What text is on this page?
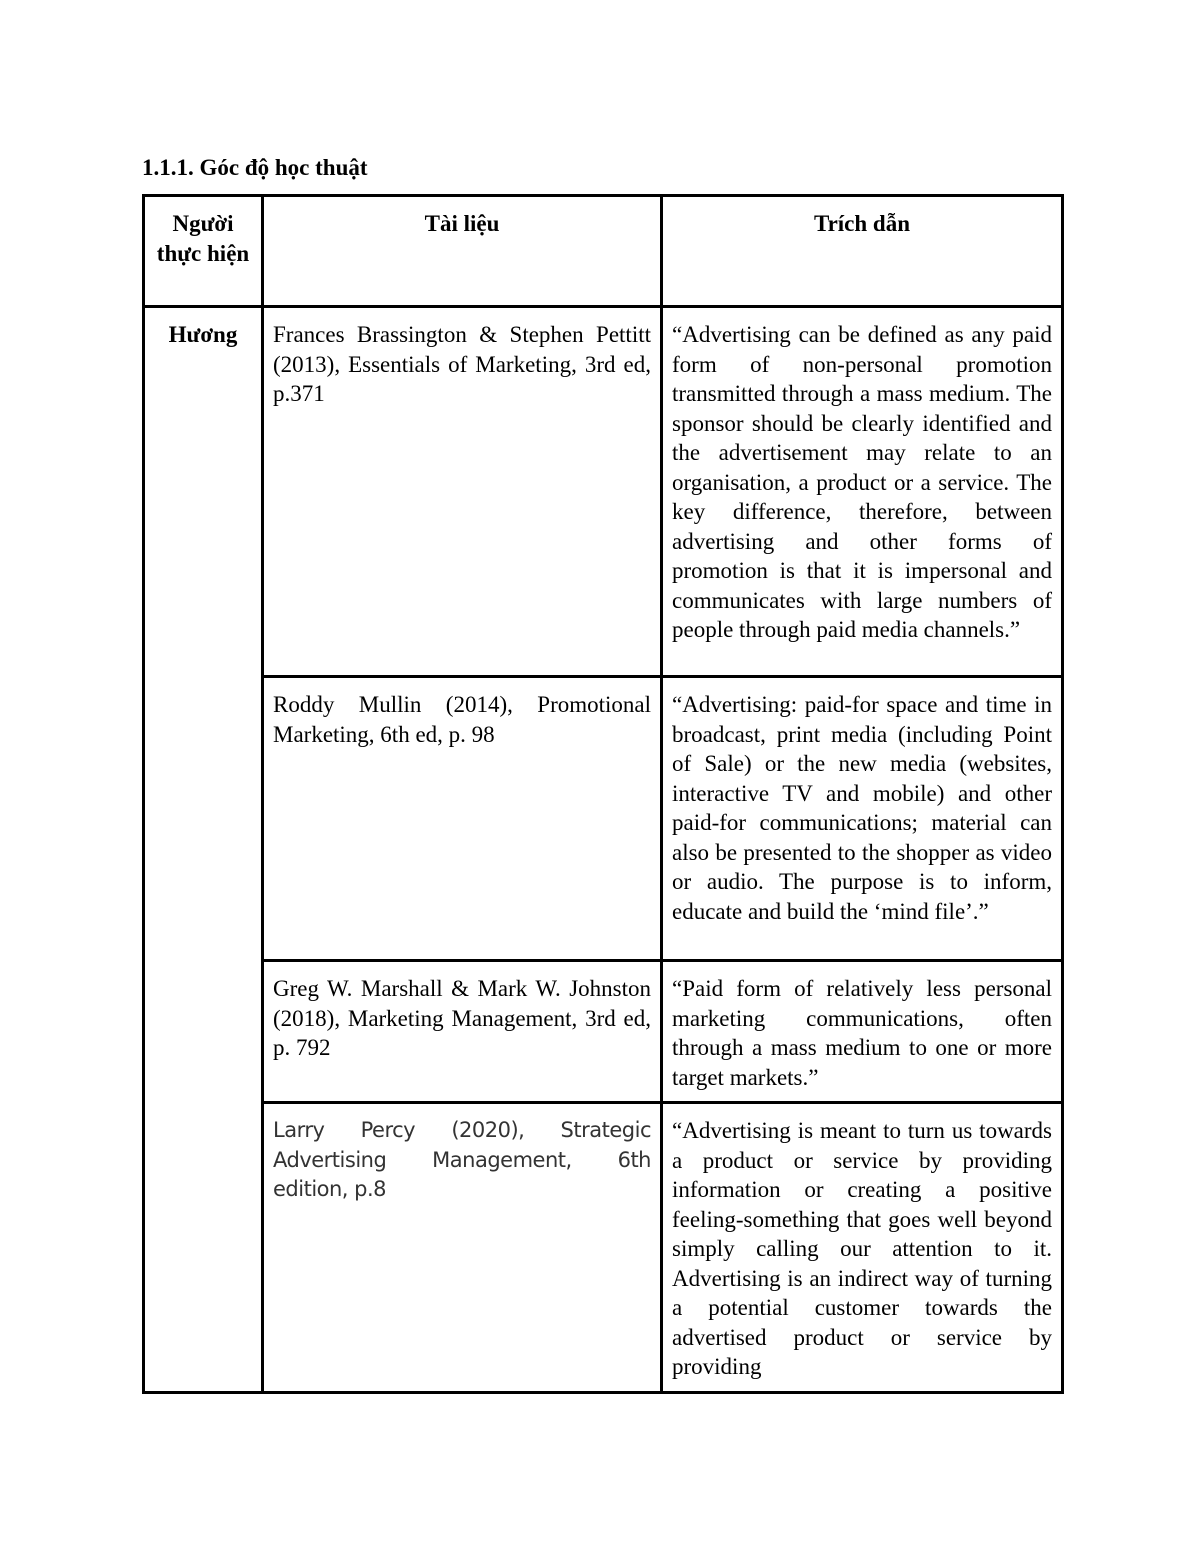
1.1.1. Góc độ học thuật
Người thực hiện	Tài liệu	Trích dẫn
Hương	Frances Brassington & Stephen Pettitt (2013), Essentials of Marketing, 3rd ed, p.371	“Advertising can be defined as any paid form of non-personal promotion transmitted through a mass medium. The sponsor should be clearly identified and the advertisement may relate to an organisation, a product or a service. The key difference, therefore, between advertising and other forms of promotion is that it is impersonal and communicates with large numbers of people through paid media channels.”
	Roddy Mullin (2014), Promotional Marketing, 6th ed, p. 98	“Advertising: paid-for space and time in broadcast, print media (including Point of Sale) or the new media (websites, interactive TV and mobile) and other paid-for communications; material can also be presented to the shopper as video or audio. The purpose is to inform, educate and build the ‘mind file’.”
	Greg W. Marshall & Mark W. Johnston (2018), Marketing Management, 3rd ed, p. 792	“Paid form of relatively less personal marketing communications, often through a mass medium to one or more target markets.”
	Larry Percy (2020), Strategic Advertising Management, 6th edition, p.8	“Advertising is meant to turn us towards a product or service by providing information or creating a positive feeling-something that goes well beyond simply calling our attention to it. Advertising is an indirect way of turning a potential customer towards the advertised product or service by providing
